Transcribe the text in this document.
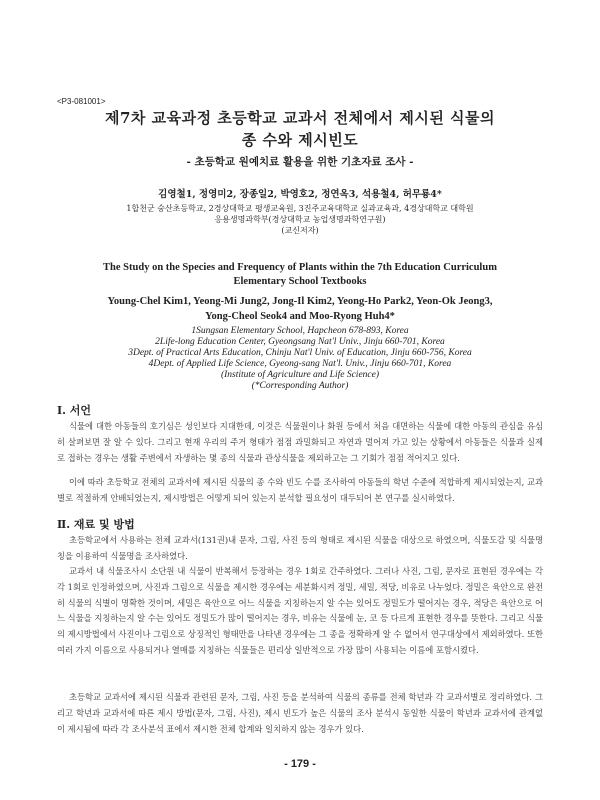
<P3-081001>
제7차 교육과정 초등학교 교과서 전체에서 제시된 식물의
종 수와 제시빈도
- 초등학교 원예치료 활용을 위한 기초자료 조사 -
김영철1, 정영미2, 장종일2, 박영호2, 정연옥3, 석용철4, 허무룡4*
1합천군 숭산초등학교, 2경상대학교 평생교육원, 3진주교육대학교 실과교육과, 4경상대학교 대학원
응용생명과학부(경상대학교 농업생명과학연구원)
(교신저자)
The Study on the Species and Frequency of Plants within the 7th Education Curriculum
Elementary School Textbooks
Young-Chel Kim1, Yeong-Mi Jung2, Jong-Il Kim2, Yeong-Ho Park2, Yeon-Ok Jeong3,
Yong-Cheol Seok4 and Moo-Ryong Huh4*
1Sungsan Elementary School, Hapcheon 678-893, Korea
2Life-long Education Center, Gyeongsang Nat'l Univ., Jinju 660-701, Korea
3Dept. of Practical Arts Education, Chinju Nat'l Univ. of Education, Jinju 660-756, Korea
4Dept. of Applied Life Science, Gyeong-sang Nat'l. Univ., Jinju 660-701, Korea
(Institute of Agriculture and Life Science)
(*Corresponding Author)
Ⅰ. 서언

식물에 대한 아동들의 호기심은 성인보다 지대한데, 이것은 식물원이나 화원 등에서 처음 대면하는 식물에 대한 아동의 관심을 유심히 살펴보면 잘 알 수 있다. 그리고 현재 우리의 주거 형태가 점점 과밀화되고 자연과 멀어져 가고 있는 상황에서 아동들은 식물과 실제로 접하는 경우는 생활 주변에서 자생하는 몇 종의 식물과 관상식물을 제외하고는 그 기회가 점점 적어지고 있다.

이에 따라 초등학교 전체의 교과서에 제시된 식물의 종 수와 빈도 수를 조사하여 아동들의 학년 수준에 적합하게 제시되었는지, 교과별로 적절하게 안배되었는지, 제시방법은 어떻게 되어 있는지 분석할 필요성이 대두되어 본 연구를 실시하였다.

Ⅱ. 재료 및 방법

초등학교에서 사용하는 전체 교과서(131권)내 문자, 그림, 사진 등의 형태로 제시된 식물을 대상으로 하였으며, 식물도감 및 식물명칭을 이용하여 식물명을 조사하였다.

교과서 내 식물조사시 소단원 내 식물이 반복해서 등장하는 경우 1회로 간주하였다. 그러나 사진, 그림, 문자로 표현된 경우에는 각각 1회로 인정하였으며, 사진과 그림으로 식물을 제시한 경우에는 세분화시켜 정밀, 세밀, 적당, 비유로 나누었다. 정밀은 육안으로 완전히 식물의 식별이 명확한 것이며, 세밀은 육안으로 어느 식물을 지칭하는지 알 수는 있어도 정밀도가 떨어지는 경우, 적당은 육안으로 어느 식물을 지칭하는지 알 수는 있어도 정밀도가 많이 떨어지는 경우, 비유는 식물에 눈, 코 등 다르게 표현한 경우를 뜻한다. 그리고 식물의 제시방법에서 사진이나 그림으로 상징적인 형태만을 나타낸 경우에는 그 종을 정확하게 알 수 없어서 연구대상에서 제외하였다. 또한 여러 가지 이름으로 사용되거나 열매를 지칭하는 식물들은 편리상 일반적으로 가장 많이 사용되는 이름에 포함시켰다.

초등학교 교과서에 제시된 식물과 관련된 문자, 그림, 사진 등을 분석하여 식물의 종류를 전체 학년과 각 교과서별로 정리하였다. 그리고 학년과 교과서에 따른 제시 방법(문자, 그림, 사진), 제시 빈도가 높은 식물의 조사 분석시 동일한 식물이 학년과 교과서에 관계없이 제시됨에 따라 각 조사분석 표에서 제시한 전체 합계와 일치하지 않는 경우가 있다.

- 179 -
